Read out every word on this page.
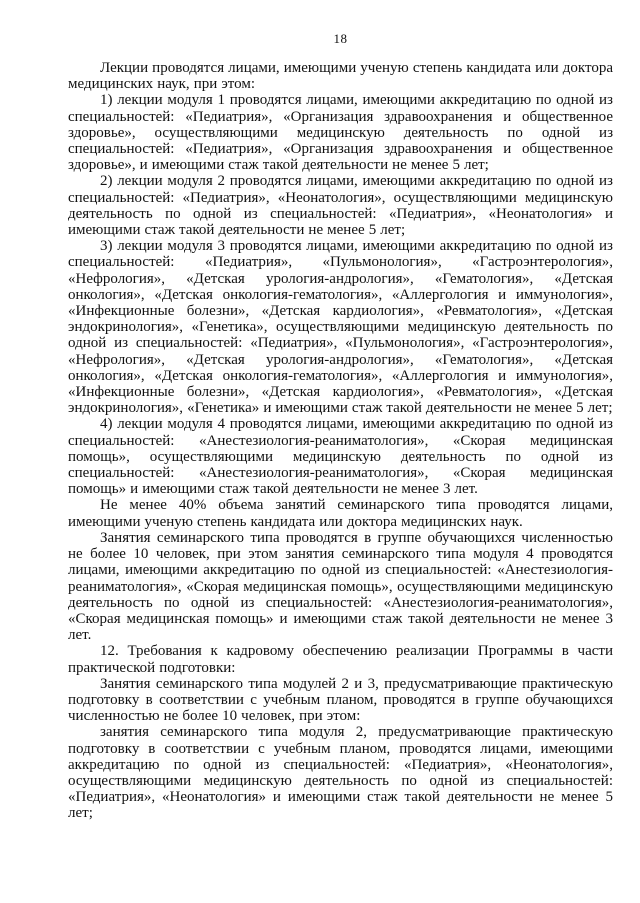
18

Лекции проводятся лицами, имеющими ученую степень кандидата или доктора медицинских наук, при этом:

1) лекции модуля 1 проводятся лицами, имеющими аккредитацию по одной из специальностей: «Педиатрия», «Организация здравоохранения и общественное здоровье», осуществляющими медицинскую деятельность по одной из специальностей: «Педиатрия», «Организация здравоохранения и общественное здоровье», и имеющими стаж такой деятельности не менее 5 лет;

2) лекции модуля 2 проводятся лицами, имеющими аккредитацию по одной из специальностей: «Педиатрия», «Неонатология», осуществляющими медицинскую деятельность по одной из специальностей: «Педиатрия», «Неонатология» и имеющими стаж такой деятельности не менее 5 лет;

3) лекции модуля 3 проводятся лицами, имеющими аккредитацию по одной из специальностей: «Педиатрия», «Пульмонология», «Гастроэнтерология», «Нефрология», «Детская урология-андрология», «Гематология», «Детская онкология», «Детская онкология-гематология», «Аллергология и иммунология», «Инфекционные болезни», «Детская кардиология», «Ревматология», «Детская эндокринология», «Генетика», осуществляющими медицинскую деятельность по одной из специальностей: «Педиатрия», «Пульмонология», «Гастроэнтерология», «Нефрология», «Детская урология-андрология», «Гематология», «Детская онкология», «Детская онкология-гематология», «Аллергология и иммунология», «Инфекционные болезни», «Детская кардиология», «Ревматология», «Детская эндокринология», «Генетика» и имеющими стаж такой деятельности не менее 5 лет;

4) лекции модуля 4 проводятся лицами, имеющими аккредитацию по одной из специальностей: «Анестезиология-реаниматология», «Скорая медицинская помощь», осуществляющими медицинскую деятельность по одной из специальностей: «Анестезиология-реаниматология», «Скорая медицинская помощь» и имеющими стаж такой деятельности не менее 3 лет.

Не менее 40% объема занятий семинарского типа проводятся лицами, имеющими ученую степень кандидата или доктора медицинских наук.

Занятия семинарского типа проводятся в группе обучающихся численностью не более 10 человек, при этом занятия семинарского типа модуля 4 проводятся лицами, имеющими аккредитацию по одной из специальностей: «Анестезиология-реаниматология», «Скорая медицинская помощь», осуществляющими медицинскую деятельность по одной из специальностей: «Анестезиология-реаниматология», «Скорая медицинская помощь» и имеющими стаж такой деятельности не менее 3 лет.

12. Требования к кадровому обеспечению реализации Программы в части практической подготовки:

Занятия семинарского типа модулей 2 и 3, предусматривающие практическую подготовку в соответствии с учебным планом, проводятся в группе обучающихся численностью не более 10 человек, при этом:

занятия семинарского типа модуля 2, предусматривающие практическую подготовку в соответствии с учебным планом, проводятся лицами, имеющими аккредитацию по одной из специальностей: «Педиатрия», «Неонатология», осуществляющими медицинскую деятельность по одной из специальностей: «Педиатрия», «Неонатология» и имеющими стаж такой деятельности не менее 5 лет;
